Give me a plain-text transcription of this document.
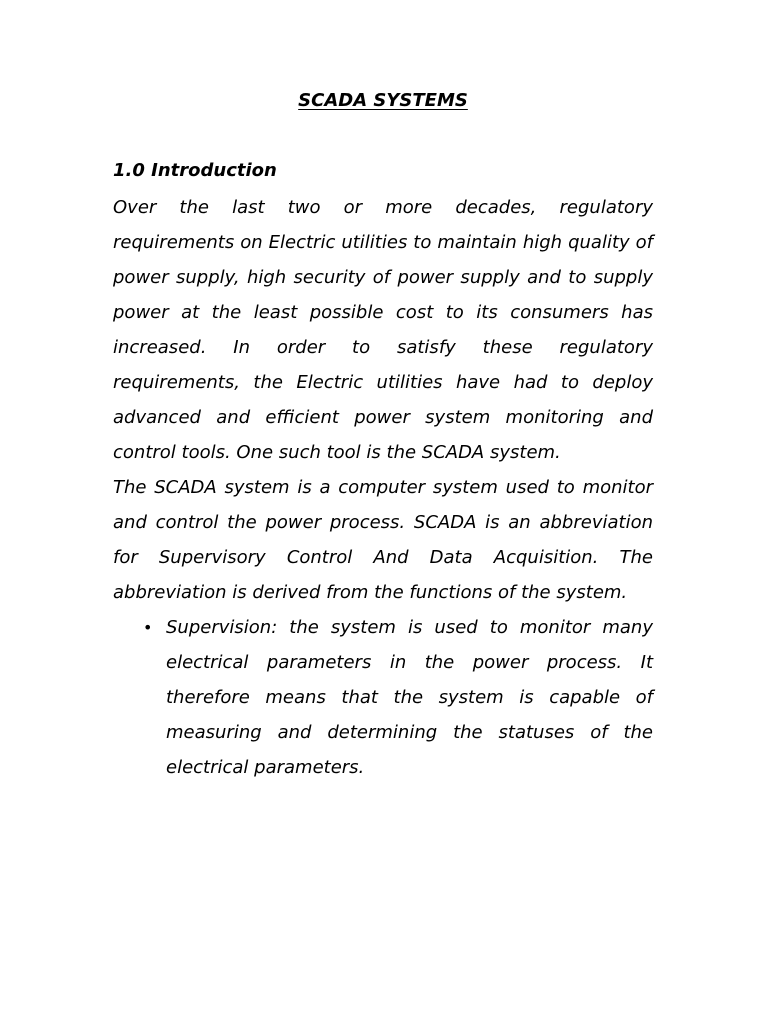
SCADA SYSTEMS
1.0 Introduction

Over the last two or more decades, regulatory requirements on Electric utilities to maintain high quality of power supply, high security of power supply and to supply power at the least possible cost to its consumers has increased. In order to satisfy these regulatory requirements, the Electric utilities have had to deploy advanced and efficient power system monitoring and control tools. One such tool is the SCADA system.

The SCADA system is a computer system used to monitor and control the power process. SCADA is an abbreviation for Supervisory Control And Data Acquisition. The abbreviation is derived from the functions of the system.

• Supervision: the system is used to monitor many electrical parameters in the power process. It therefore means that the system is capable of measuring and determining the statuses of the electrical parameters.
